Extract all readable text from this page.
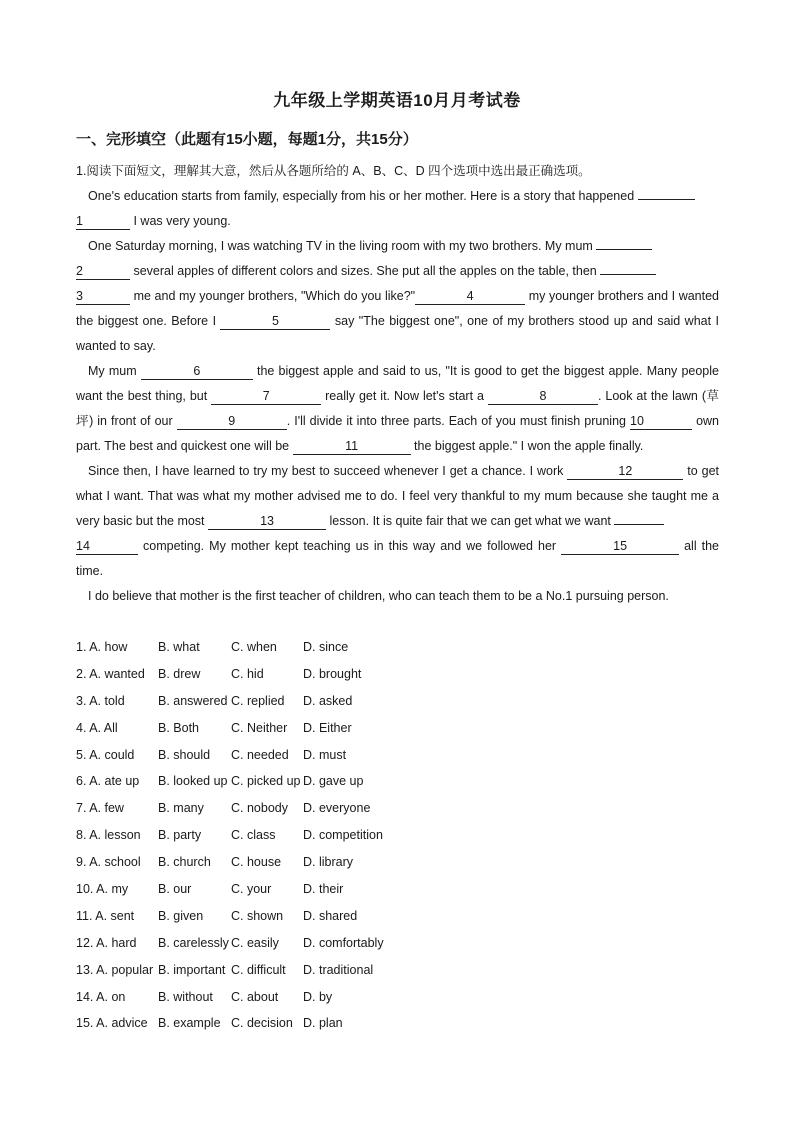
九年级上学期英语10月月考试卷
一、完形填空（此题有15小题，每题1分，共15分）
1.阅读下面短文，理解其大意，然后从各题所给的 A、B、C、D 四个选项中选出最正确选项。

One's education starts from family, especially from his or her mother. Here is a story that happened
1	I was very young.

One Saturday morning, I was watching TV in the living room with my two brothers. My mum
2	several apples of different colors and sizes. She put all the apples on the table, then
3	me and my younger brothers, "Which do you like?"	4	my younger brothers and I wanted the biggest one. Before I	5	say "The biggest one", one of my brothers stood up and said what I wanted to say.

My mum	6	the biggest apple and said to us, "It is good to get the biggest apple. Many people want the best thing, but	7	really get it. Now let's start a	8	. Look at the lawn (草坪) in front of our	9	. I'll divide it into three parts. Each of you must finish pruning 10	own part. The best and quickest one will be	11	the biggest apple." I won the apple finally.

Since then, I have learned to try my best to succeed whenever I get a chance. I work	12	to get what I want. That was what my mother advised me to do. I feel very thankful to my mum because she taught me a very basic but the most	13	lesson. It is quite fair that we can get what we want
14	competing. My mother kept teaching us in this way and we followed her	15	all the time.

I do believe that mother is the first teacher of children, who can teach them to be a No.1 pursuing person.

1. A. how B. what	C. when D. since
2. A. wanted B. drew C. hid	D. brought
3. A. told	B. answered C. replied D. asked
4. A. All	B. Both	C. Neither D. Either
5. A. could B. should C. needed D. must
6. A. ate up B. looked up C. picked up D. gave up
7. A. few	B. many C. nobody D. everyone
8. A. lesson B. party C. class D. competition
9. A. school B. church C. house D. library
10. A. my B. our	C. your	D. their
11. A. sent B. given C. shown D. shared
12. A. hard B. carelessly C. easily D. comfortably
13. A. popular B. important C. difficult D. traditional
14. A. on	B. without C. about D. by
15. A. advice B. example C. decision D. plan
